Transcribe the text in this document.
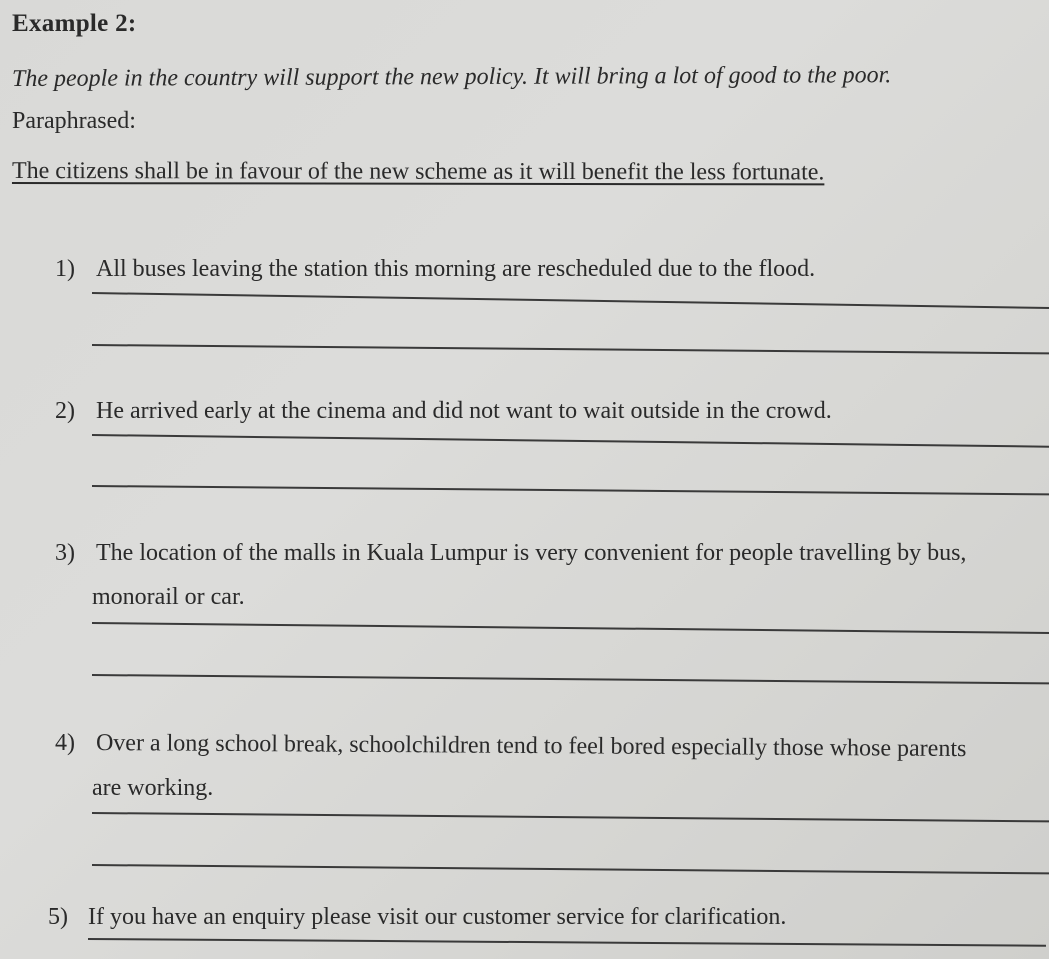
Example 2:
The people in the country will support the new policy. It will bring a lot of good to the poor.
Paraphrased:
The citizens shall be in favour of the new scheme as it will benefit the less fortunate.
1) All buses leaving the station this morning are rescheduled due to the flood.
2) He arrived early at the cinema and did not want to wait outside in the crowd.
3) The location of the malls in Kuala Lumpur is very convenient for people travelling by bus,
monorail or car.
4) Over a long school break, schoolchildren tend to feel bored especially those whose parents
are working.
5) If you have an enquiry please visit our customer service for clarification.
